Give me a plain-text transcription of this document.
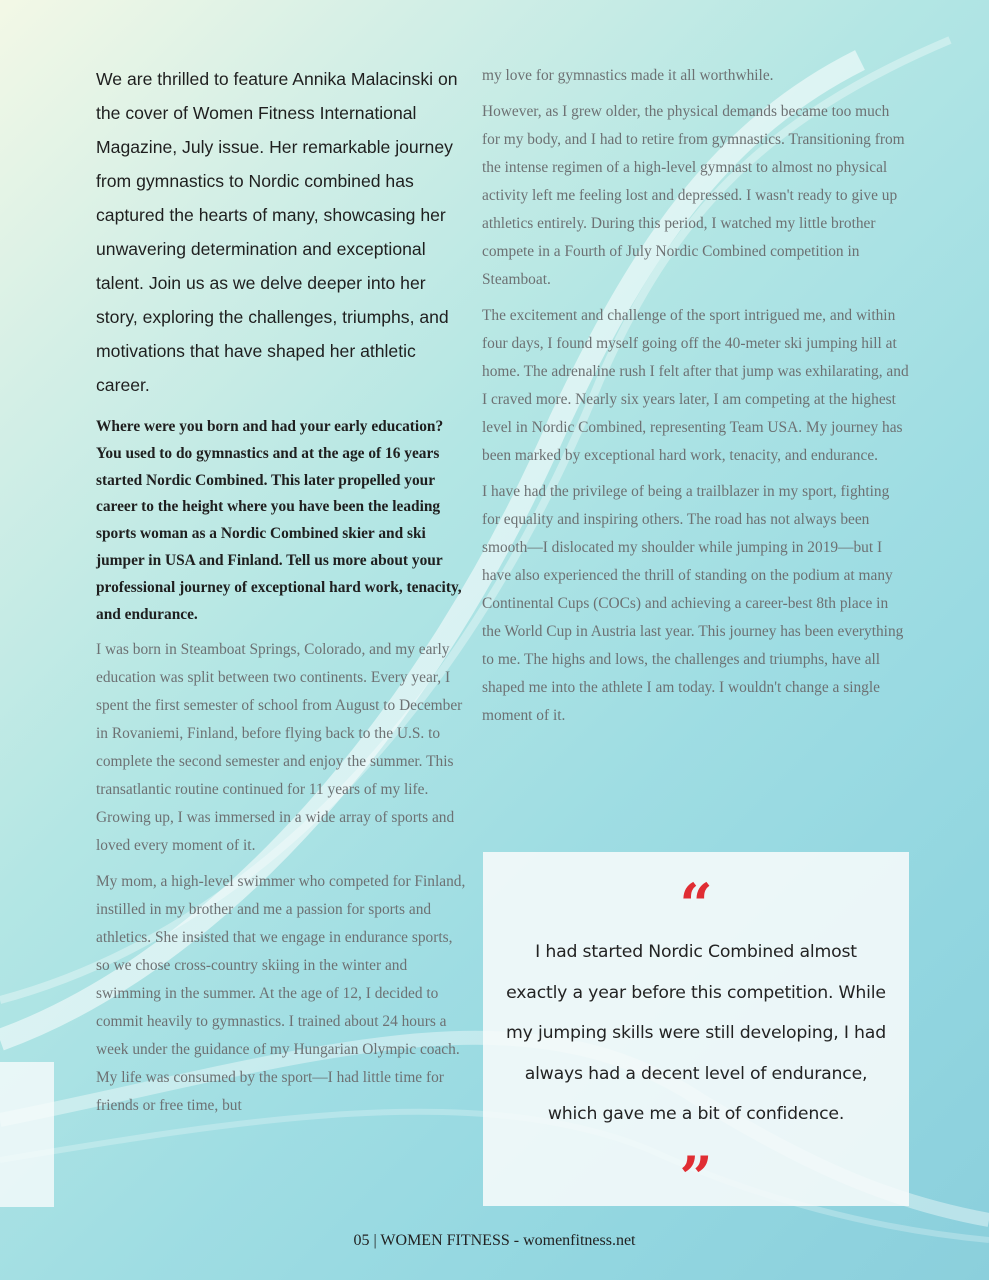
We are thrilled to feature Annika Malacinski on the cover of Women Fitness International Magazine, July issue. Her remarkable journey from gymnastics to Nordic combined has captured the hearts of many, showcasing her unwavering determination and exceptional talent. Join us as we delve deeper into her story, exploring the challenges, triumphs, and motivations that have shaped her athletic career.

Where were you born and had your early education? You used to do gymnastics and at the age of 16 years started Nordic Combined. This later propelled your career to the height where you have been the leading sports woman as a Nordic Combined skier and ski jumper in USA and Finland. Tell us more about your professional journey of exceptional hard work, tenacity, and endurance.

I was born in Steamboat Springs, Colorado, and my early education was split between two continents. Every year, I spent the first semester of school from August to December in Rovaniemi, Finland, before flying back to the U.S. to complete the second semester and enjoy the summer. This transatlantic routine continued for 11 years of my life. Growing up, I was immersed in a wide array of sports and loved every moment of it.

My mom, a high-level swimmer who competed for Finland, instilled in my brother and me a passion for sports and athletics. She insisted that we engage in endurance sports, so we chose cross-country skiing in the winter and swimming in the summer. At the age of 12, I decided to commit heavily to gymnastics. I trained about 24 hours a week under the guidance of my Hungarian Olympic coach. My life was consumed by the sport—I had little time for friends or free time, but

my love for gymnastics made it all worthwhile.

However, as I grew older, the physical demands became too much for my body, and I had to retire from gymnastics. Transitioning from the intense regimen of a high-level gymnast to almost no physical activity left me feeling lost and depressed. I wasn't ready to give up athletics entirely. During this period, I watched my little brother compete in a Fourth of July Nordic Combined competition in Steamboat.

The excitement and challenge of the sport intrigued me, and within four days, I found myself going off the 40-meter ski jumping hill at home. The adrenaline rush I felt after that jump was exhilarating, and I craved more. Nearly six years later, I am competing at the highest level in Nordic Combined, representing Team USA. My journey has been marked by exceptional hard work, tenacity, and endurance.

I have had the privilege of being a trailblazer in my sport, fighting for equality and inspiring others. The road has not always been smooth—I dislocated my shoulder while jumping in 2019—but I have also experienced the thrill of standing on the podium at many Continental Cups (COCs) and achieving a career-best 8th place in the World Cup in Austria last year. This journey has been everything to me. The highs and lows, the challenges and triumphs, have all shaped me into the athlete I am today. I wouldn't change a single moment of it.

“
I had started Nordic Combined almost exactly a year before this competition. While my jumping skills were still developing, I had always had a decent level of endurance, which gave me a bit of confidence.
”
05 | WOMEN FITNESS - womenfitness.net
